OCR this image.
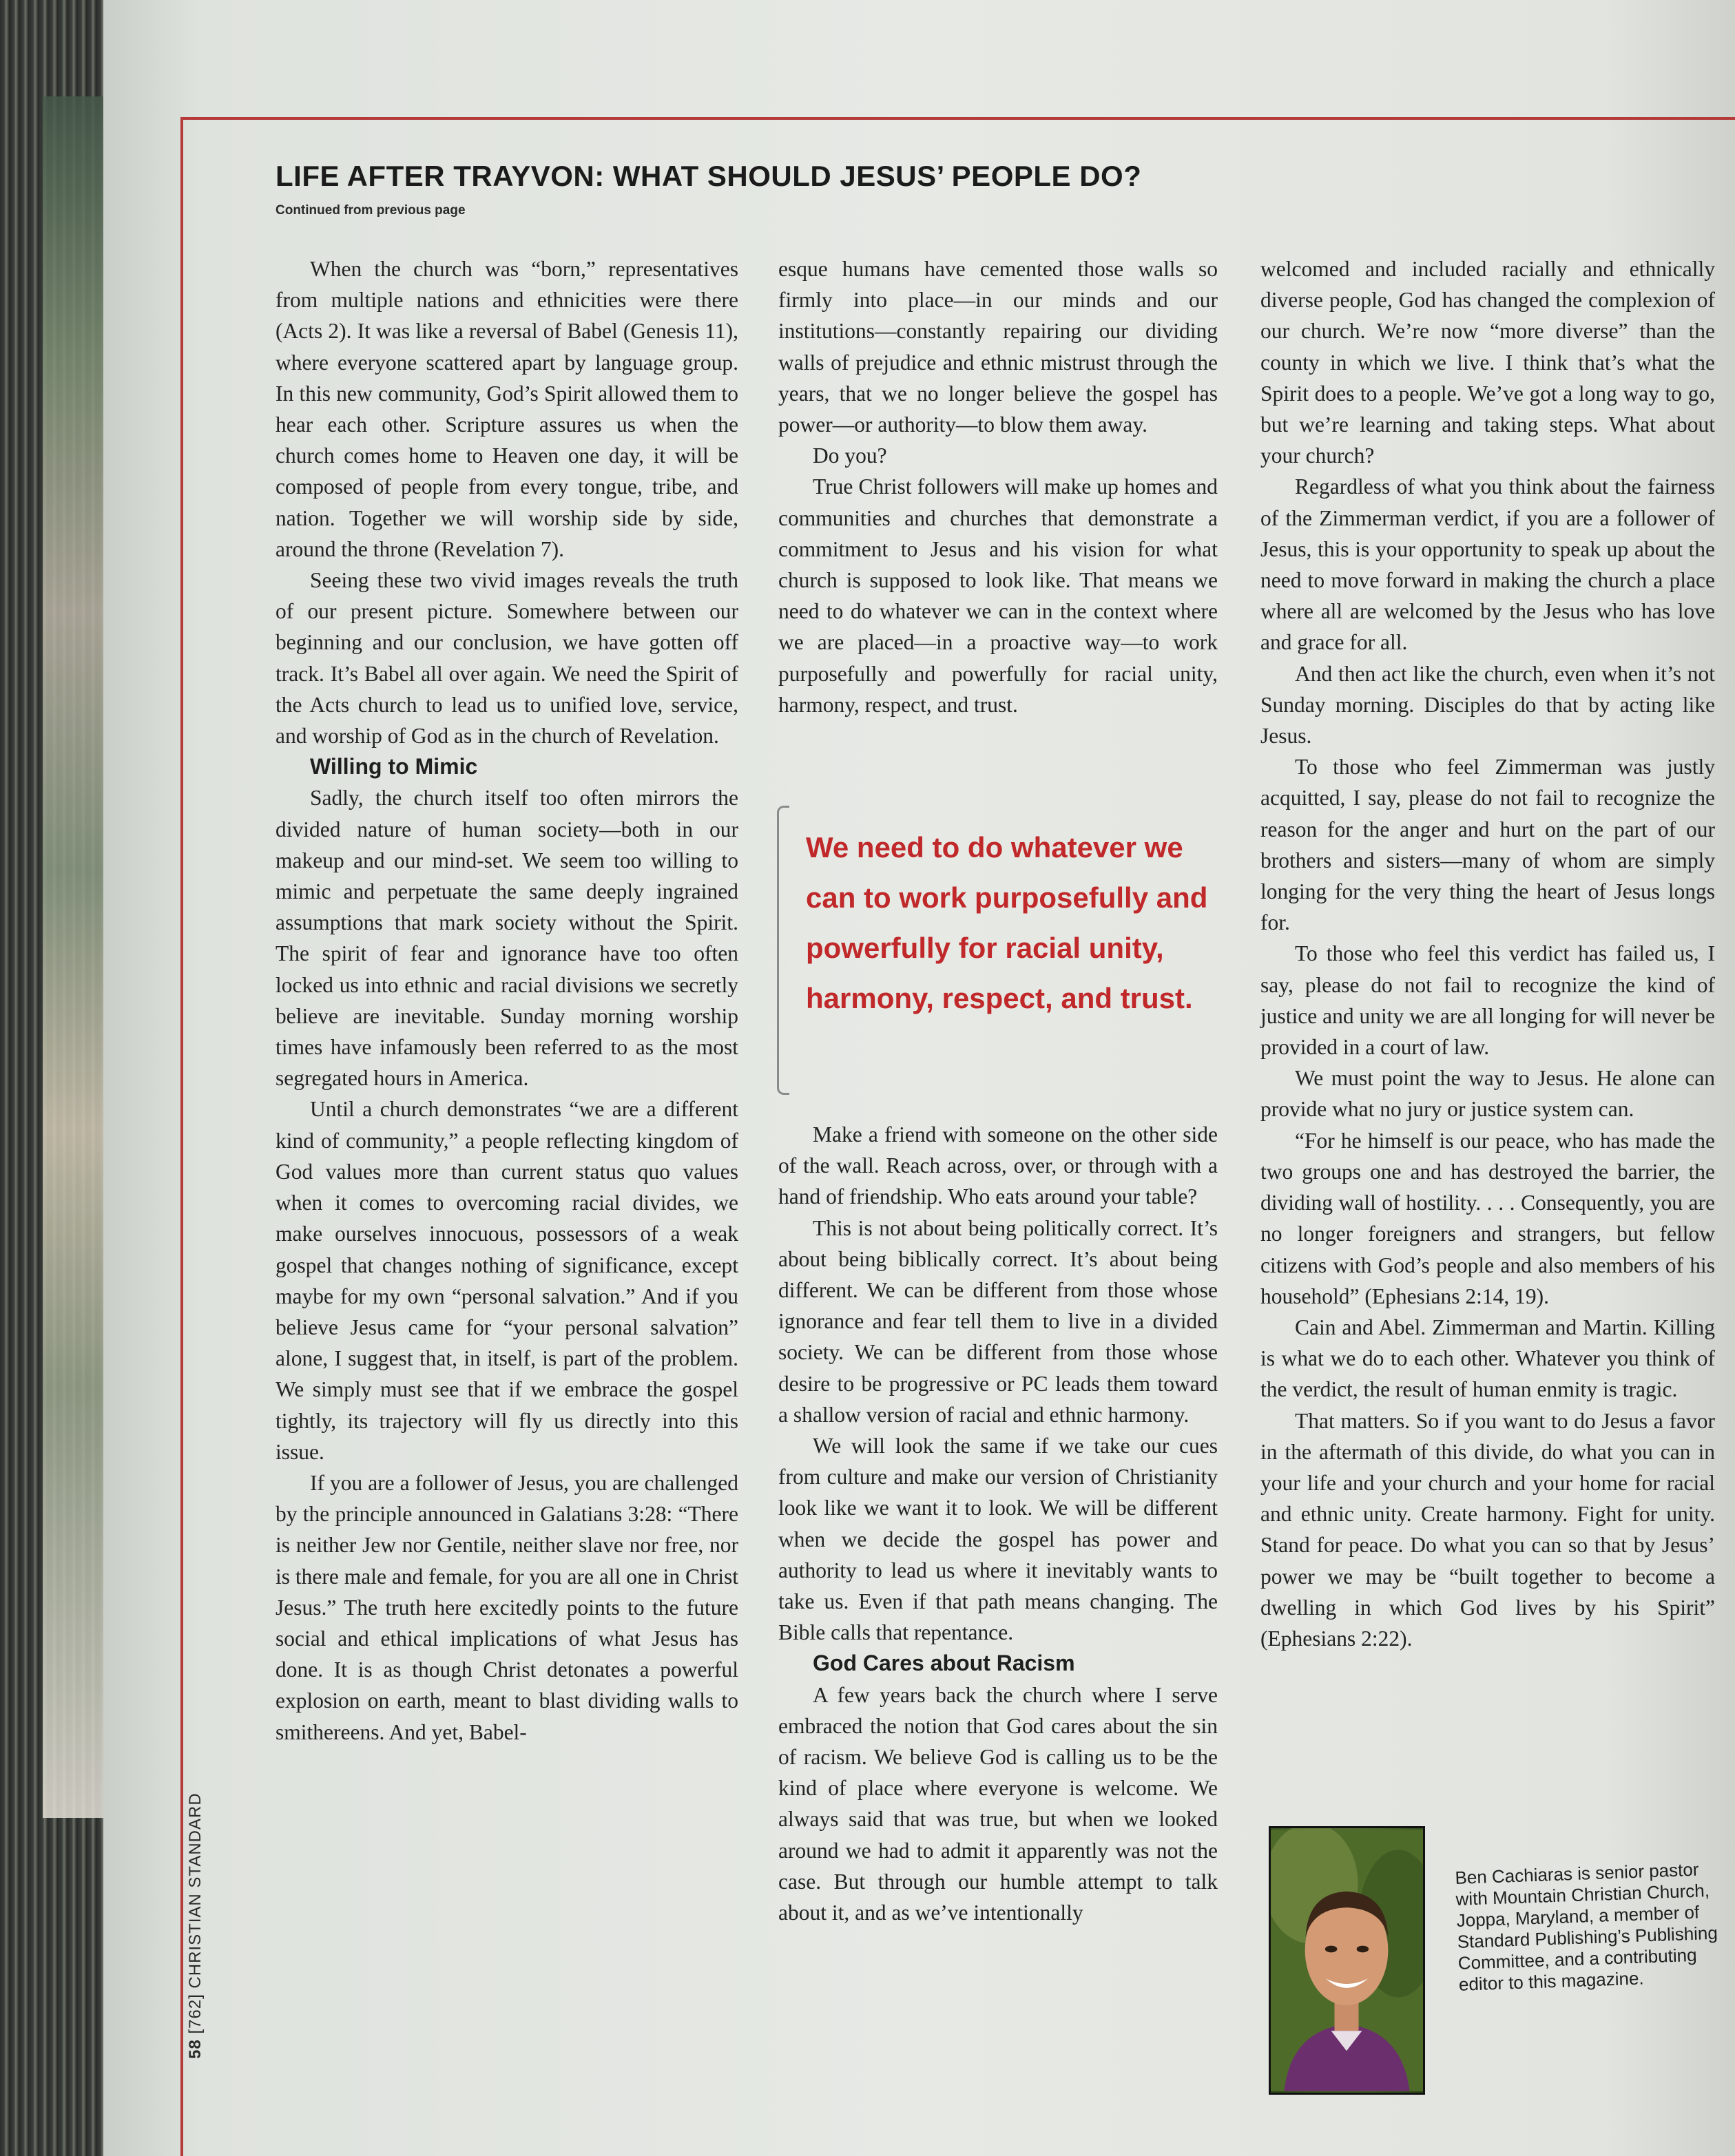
LIFE AFTER TRAYVON: WHAT SHOULD JESUS’ PEOPLE DO?
Continued from previous page

When the church was “born,” representatives from multiple nations and ethnicities were there (Acts 2). It was like a reversal of Babel (Genesis 11), where everyone scattered apart by language group. In this new community, God’s Spirit allowed them to hear each other. Scripture assures us when the church comes home to Heaven one day, it will be composed of people from every tongue, tribe, and nation. Together we will worship side by side, around the throne (Revelation 7).

Seeing these two vivid images reveals the truth of our present picture. Somewhere between our beginning and our conclusion, we have gotten off track. It’s Babel all over again. We need the Spirit of the Acts church to lead us to unified love, service, and worship of God as in the church of Revelation.

Willing to Mimic

Sadly, the church itself too often mirrors the divided nature of human society—both in our makeup and our mind-set. We seem too willing to mimic and perpetuate the same deeply ingrained assumptions that mark society without the Spirit. The spirit of fear and ignorance have too often locked us into ethnic and racial divisions we secretly believe are inevitable. Sunday morning worship times have infamously been referred to as the most segregated hours in America.

Until a church demonstrates “we are a different kind of community,” a people reflecting kingdom of God values more than current status quo values when it comes to overcoming racial divides, we make ourselves innocuous, possessors of a weak gospel that changes nothing of significance, except maybe for my own “personal salvation.” And if you believe Jesus came for “your personal salvation” alone, I suggest that, in itself, is part of the problem. We simply must see that if we embrace the gospel tightly, its trajectory will fly us directly into this issue.

If you are a follower of Jesus, you are challenged by the principle announced in Galatians 3:28: “There is neither Jew nor Gentile, neither slave nor free, nor is there male and female, for you are all one in Christ Jesus.” The truth here excitedly points to the future social and ethical implications of what Jesus has done. It is as though Christ detonates a powerful explosion on earth, meant to blast dividing walls to smithereens. And yet, Babel-

esque humans have cemented those walls so firmly into place—in our minds and our institutions—constantly repairing our dividing walls of prejudice and ethnic mistrust through the years, that we no longer believe the gospel has power—or authority—to blow them away.

Do you?

True Christ followers will make up homes and communities and churches that demonstrate a commitment to Jesus and his vision for what church is supposed to look like. That means we need to do whatever we can in the context where we are placed—in a proactive way—to work purposefully and powerfully for racial unity, harmony, respect, and trust.

We need to do whatever we can to work purposefully and powerfully for racial unity, harmony, respect, and trust.

Make a friend with someone on the other side of the wall. Reach across, over, or through with a hand of friendship. Who eats around your table?

This is not about being politically correct. It’s about being biblically correct. It’s about being different. We can be different from those whose ignorance and fear tell them to live in a divided society. We can be different from those whose desire to be progressive or PC leads them toward a shallow version of racial and ethnic harmony.

We will look the same if we take our cues from culture and make our version of Christianity look like we want it to look. We will be different when we decide the gospel has power and authority to lead us where it inevitably wants to take us. Even if that path means changing. The Bible calls that repentance.

God Cares about Racism

A few years back the church where I serve embraced the notion that God cares about the sin of racism. We believe God is calling us to be the kind of place where everyone is welcome. We always said that was true, but when we looked around we had to admit it apparently was not the case. But through our humble attempt to talk about it, and as we’ve intentionally

welcomed and included racially and ethnically diverse people, God has changed the complexion of our church. We’re now “more diverse” than the county in which we live. I think that’s what the Spirit does to a people. We’ve got a long way to go, but we’re learning and taking steps. What about your church?

Regardless of what you think about the fairness of the Zimmerman verdict, if you are a follower of Jesus, this is your opportunity to speak up about the need to move forward in making the church a place where all are welcomed by the Jesus who has love and grace for all.

And then act like the church, even when it’s not Sunday morning. Disciples do that by acting like Jesus.

To those who feel Zimmerman was justly acquitted, I say, please do not fail to recognize the reason for the anger and hurt on the part of our brothers and sisters—many of whom are simply longing for the very thing the heart of Jesus longs for.

To those who feel this verdict has failed us, I say, please do not fail to recognize the kind of justice and unity we are all longing for will never be provided in a court of law.

We must point the way to Jesus. He alone can provide what no jury or justice system can.

“For he himself is our peace, who has made the two groups one and has destroyed the barrier, the dividing wall of hostility. . . . Consequently, you are no longer foreigners and strangers, but fellow citizens with God’s people and also members of his household” (Ephesians 2:14, 19).

Cain and Abel. Zimmerman and Martin. Killing is what we do to each other. Whatever you think of the verdict, the result of human enmity is tragic.

That matters. So if you want to do Jesus a favor in the aftermath of this divide, do what you can in your life and your church and your home for racial and ethnic unity. Create harmony. Fight for unity. Stand for peace. Do what you can so that by Jesus’ power we may be “built together to become a dwelling in which God lives by his Spirit” (Ephesians 2:22).

Ben Cachiaras is senior pastor with Mountain Christian Church, Joppa, Maryland, a member of Standard Publishing’s Publishing Committee, and a contributing editor to this magazine.
58 [762] CHRISTIAN STANDARD
